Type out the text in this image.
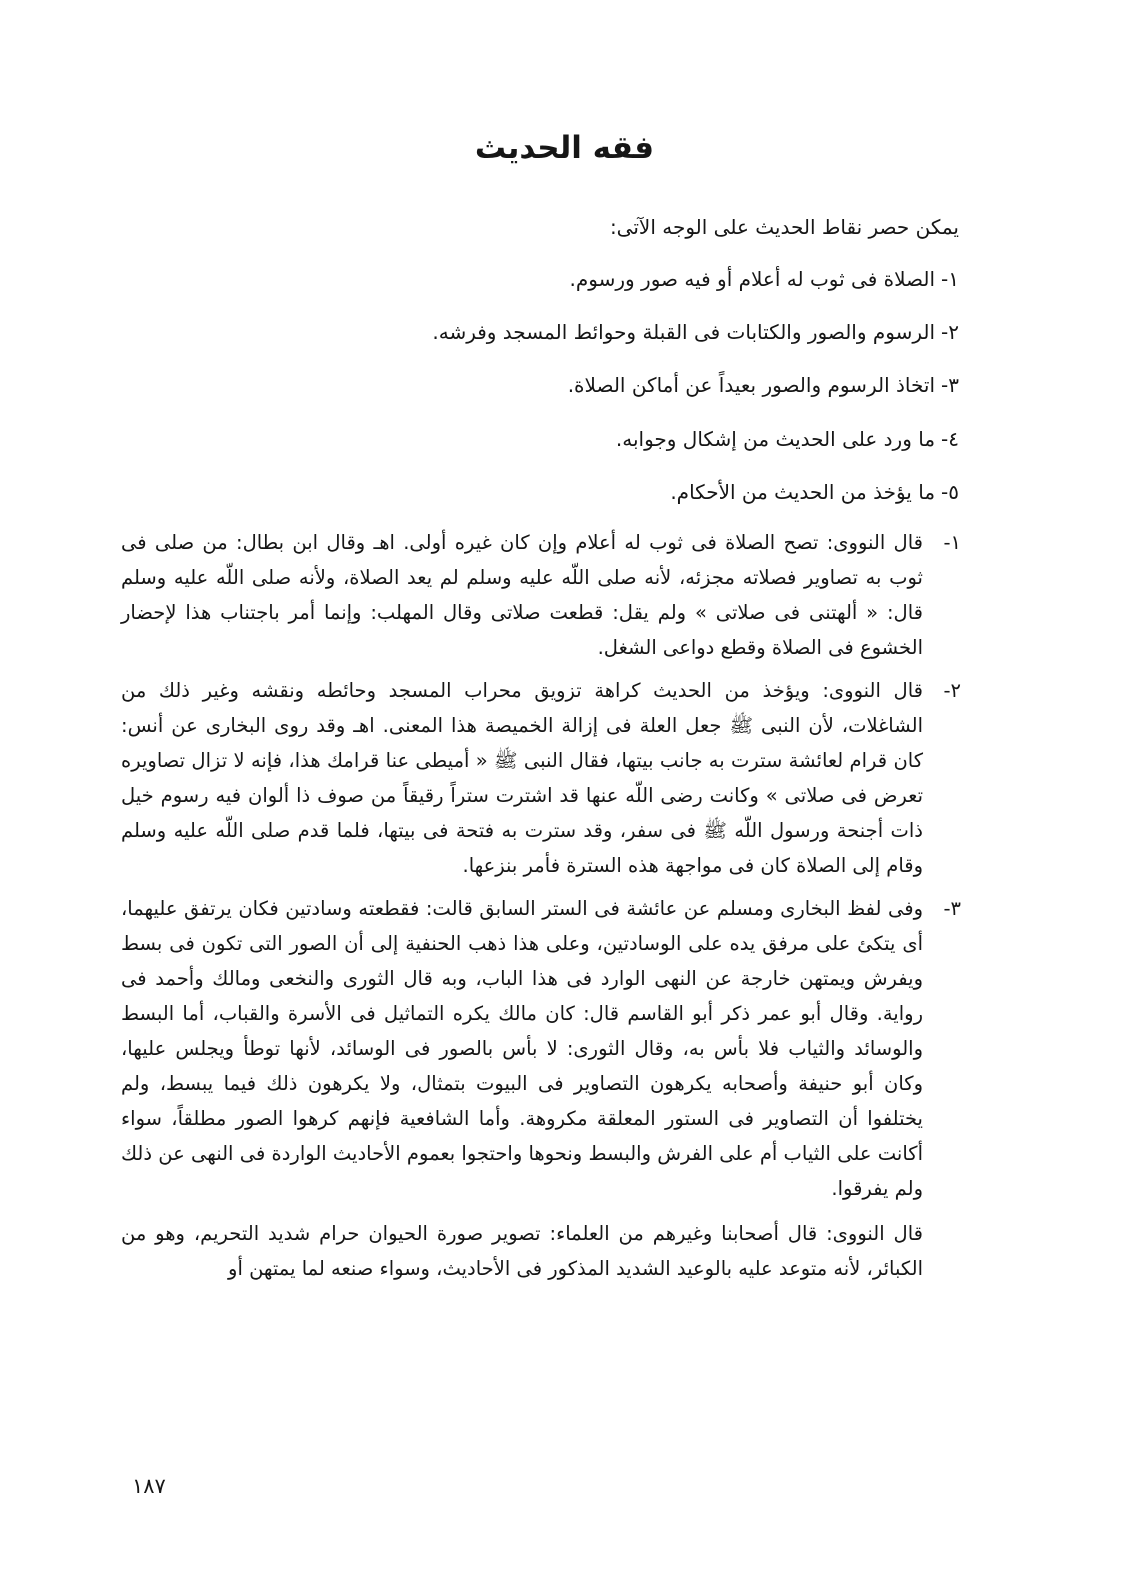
فقه الحديث

يمكن حصر نقاط الحديث على الوجه الآتى:

١-الصلاة فى ثوب له أعلام أو فيه صور ورسوم.
٢-الرسوم والصور والكتابات فى القبلة وحوائط المسجد وفرشه.
٣-اتخاذ الرسوم والصور بعيداً عن أماكن الصلاة.
٤-ما ورد على الحديث من إشكال وجوابه.
٥-ما يؤخذ من الحديث من الأحكام.
١-

قال النووى: تصح الصلاة فى ثوب له أعلام وإن كان غيره أولى. اهـ وقال ابن بطال: من صلى فى ثوب به تصاوير فصلاته مجزئه، لأنه صلى اللّه عليه وسلم لم يعد الصلاة، ولأنه صلى اللّه عليه وسلم قال: « ألهتنى فى صلاتى » ولم يقل: قطعت صلاتى وقال المهلب: وإنما أمر باجتناب هذا لإحضار الخشوع فى الصلاة وقطع دواعى الشغل.

٢-

قال النووى: ويؤخذ من الحديث كراهة تزويق محراب المسجد وحائطه ونقشه وغير ذلك من الشاغلات، لأن النبى ﷺ جعل العلة فى إزالة الخميصة هذا المعنى. اهـ وقد روى البخارى عن أنس: كان قرام لعائشة سترت به جانب بيتها، فقال النبى ﷺ « أميطى عنا قرامك هذا، فإنه لا تزال تصاويره تعرض فى صلاتى » وكانت رضى اللّه عنها قد اشترت ستراً رقيقاً من صوف ذا ألوان فيه رسوم خيل ذات أجنحة ورسول اللّه ﷺ فى سفر، وقد سترت به فتحة فى بيتها، فلما قدم صلى اللّه عليه وسلم وقام إلى الصلاة كان فى مواجهة هذه السترة فأمر بنزعها.

٣-

وفى لفظ البخارى ومسلم عن عائشة فى الستر السابق قالت: فقطعته وسادتين فكان يرتفق عليهما، أى يتكئ على مرفق يده على الوسادتين، وعلى هذا ذهب الحنفية إلى أن الصور التى تكون فى بسط ويفرش ويمتهن خارجة عن النهى الوارد فى هذا الباب، وبه قال الثورى والنخعى ومالك وأحمد فى رواية. وقال أبو عمر ذكر أبو القاسم قال: كان مالك يكره التماثيل فى الأسرة والقباب، أما البسط والوسائد والثياب فلا بأس به، وقال الثورى: لا بأس بالصور فى الوسائد، لأنها توطأ ويجلس عليها، وكان أبو حنيفة وأصحابه يكرهون التصاوير فى البيوت بتمثال، ولا يكرهون ذلك فيما يبسط، ولم يختلفوا أن التصاوير فى الستور المعلقة مكروهة. وأما الشافعية فإنهم كرهوا الصور مطلقاً، سواء أكانت على الثياب أم على الفرش والبسط ونحوها واحتجوا بعموم الأحاديث الواردة فى النهى عن ذلك ولم يفرقوا.

قال النووى: قال أصحابنا وغيرهم من العلماء: تصوير صورة الحيوان حرام شديد التحريم، وهو من الكبائر، لأنه متوعد عليه بالوعيد الشديد المذكور فى الأحاديث، وسواء صنعه لما يمتهن أو

١٨٧
